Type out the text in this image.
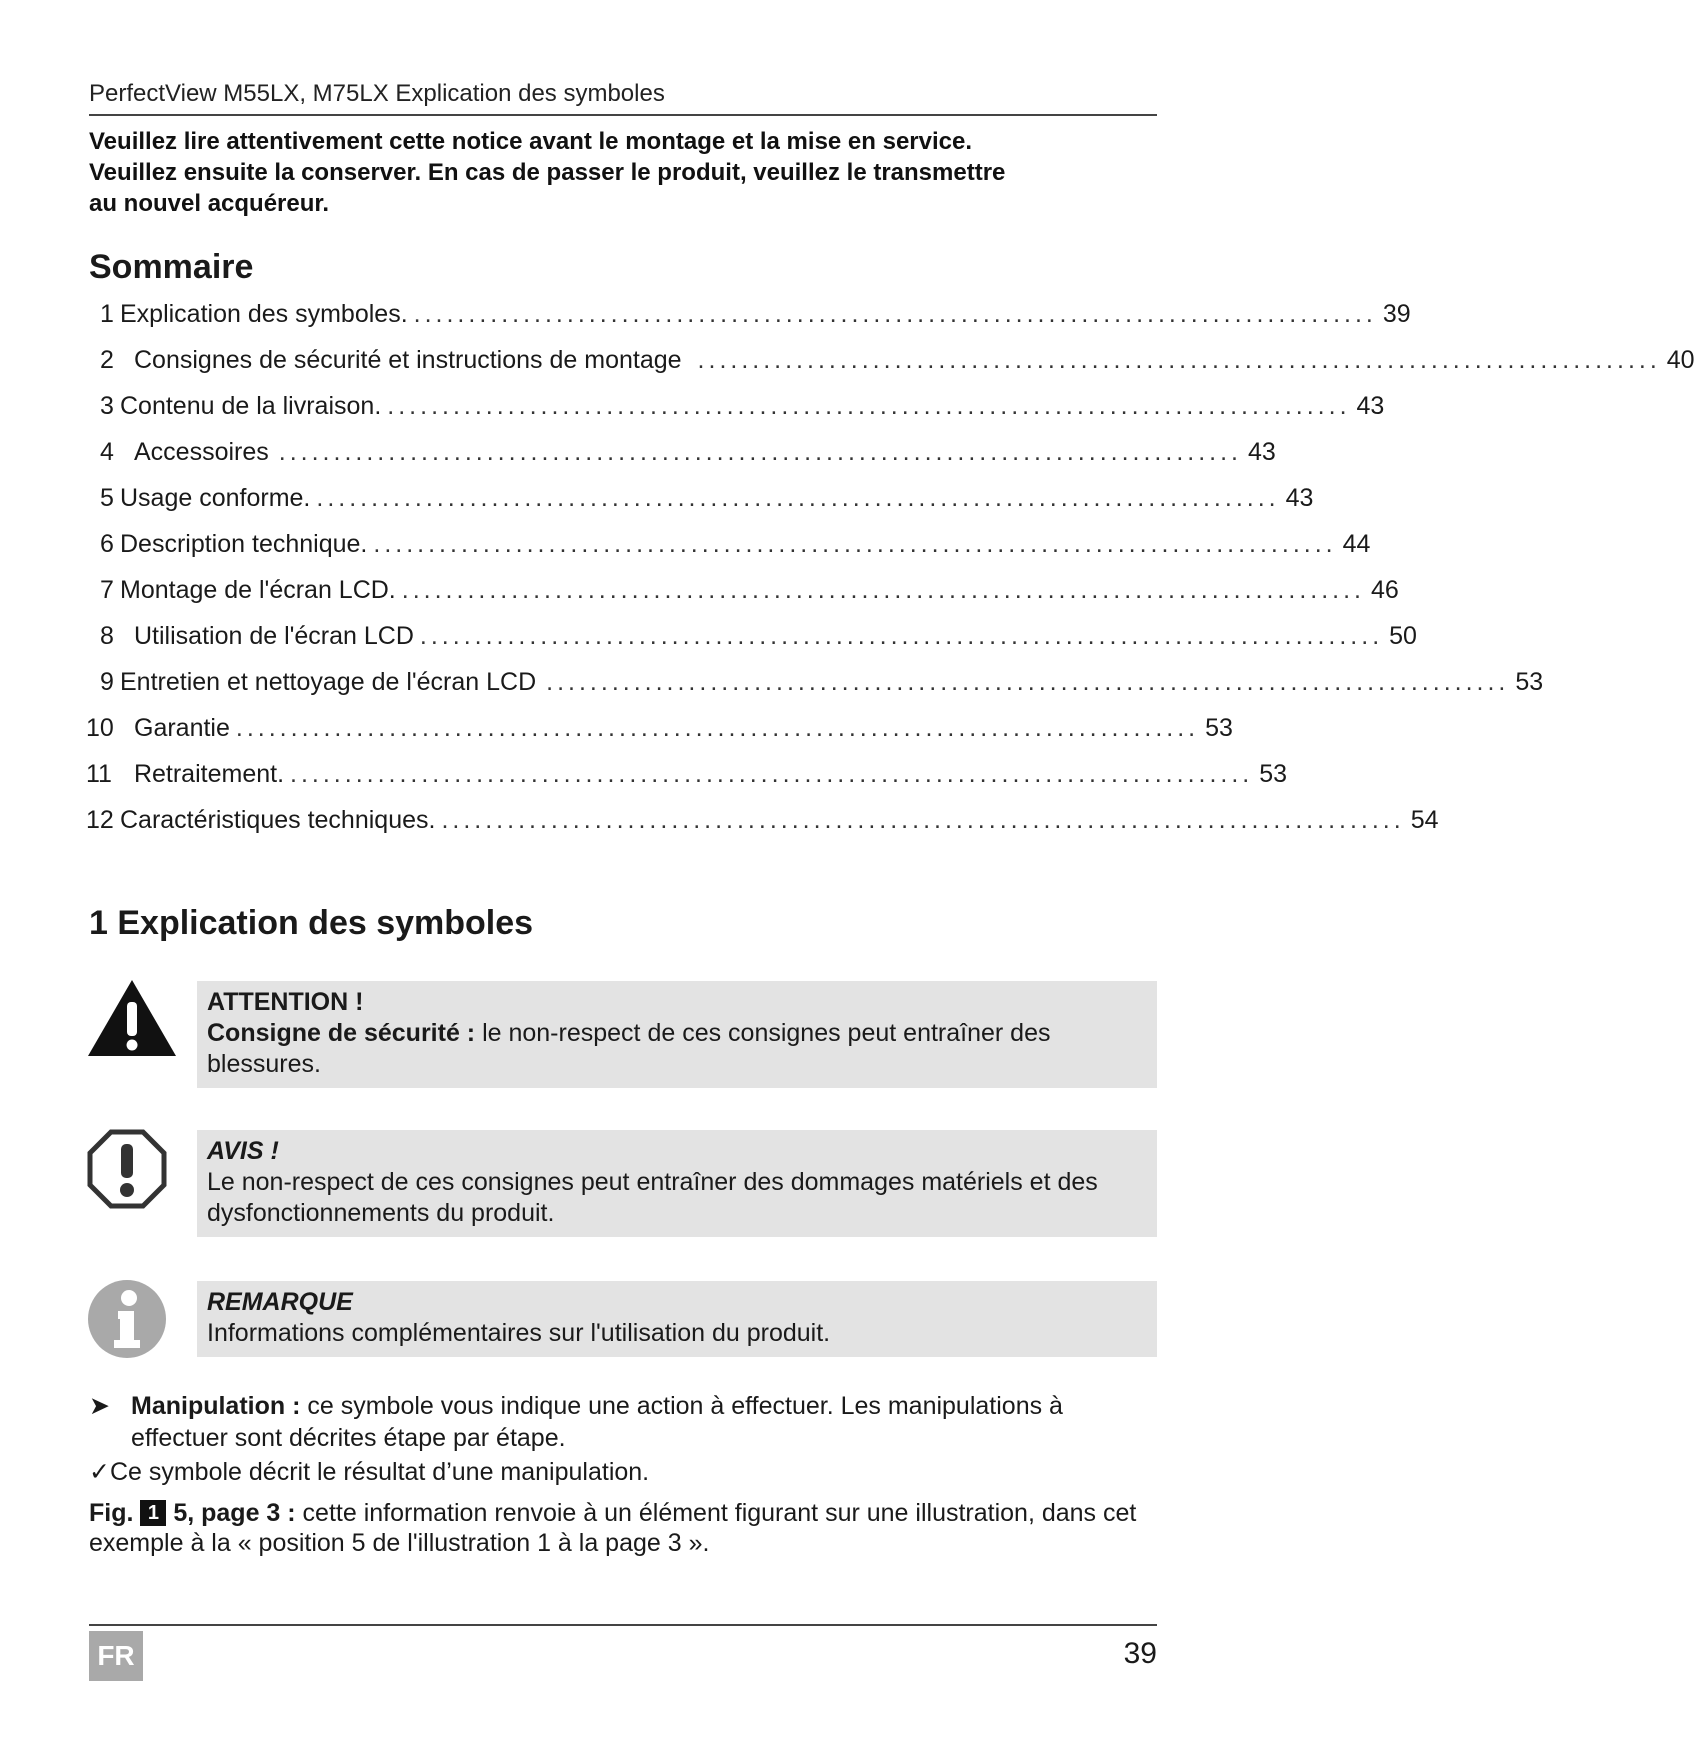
PerfectView M55LX, M75LX Explication des symboles
Veuillez lire attentivement cette notice avant le montage et la mise en service.
Veuillez ensuite la conserver. En cas de passer le produit, veuillez le transmettre
au nouvel acquéreur.
Sommaire
1 Explication des symboles. ........................................................................................ 39
2 Consignes de sécurité et instructions de montage ........................................................................................ 40
3 Contenu de la livraison. ........................................................................................ 43
4 Accessoires ........................................................................................ 43
5 Usage conforme. ........................................................................................ 43
6 Description technique. ........................................................................................ 44
7 Montage de l'écran LCD. ........................................................................................ 46
8 Utilisation de l'écran LCD ........................................................................................ 50
9 Entretien et nettoyage de l'écran LCD ........................................................................................ 53
10 Garantie ........................................................................................ 53
11 Retraitement. ........................................................................................ 53
12 Caractéristiques techniques. ........................................................................................ 54
1 Explication des symboles
ATTENTION !
Consigne de sécurité : le non-respect de ces consignes peut entraîner des blessures.
AVIS !
Le non-respect de ces consignes peut entraîner des dommages matériels et des dysfonctionnements du produit.
REMARQUE
Informations complémentaires sur l'utilisation du produit.
➤ Manipulation : ce symbole vous indique une action à effectuer. Les manipulations à
effectuer sont décrites étape par étape.
✓Ce symbole décrit le résultat d’une manipulation.
Fig. 1 5, page 3 : cette information renvoie à un élément figurant sur une illustration, dans cet exemple à la « position 5 de l'illustration 1 à la page 3 ».
FR	39
